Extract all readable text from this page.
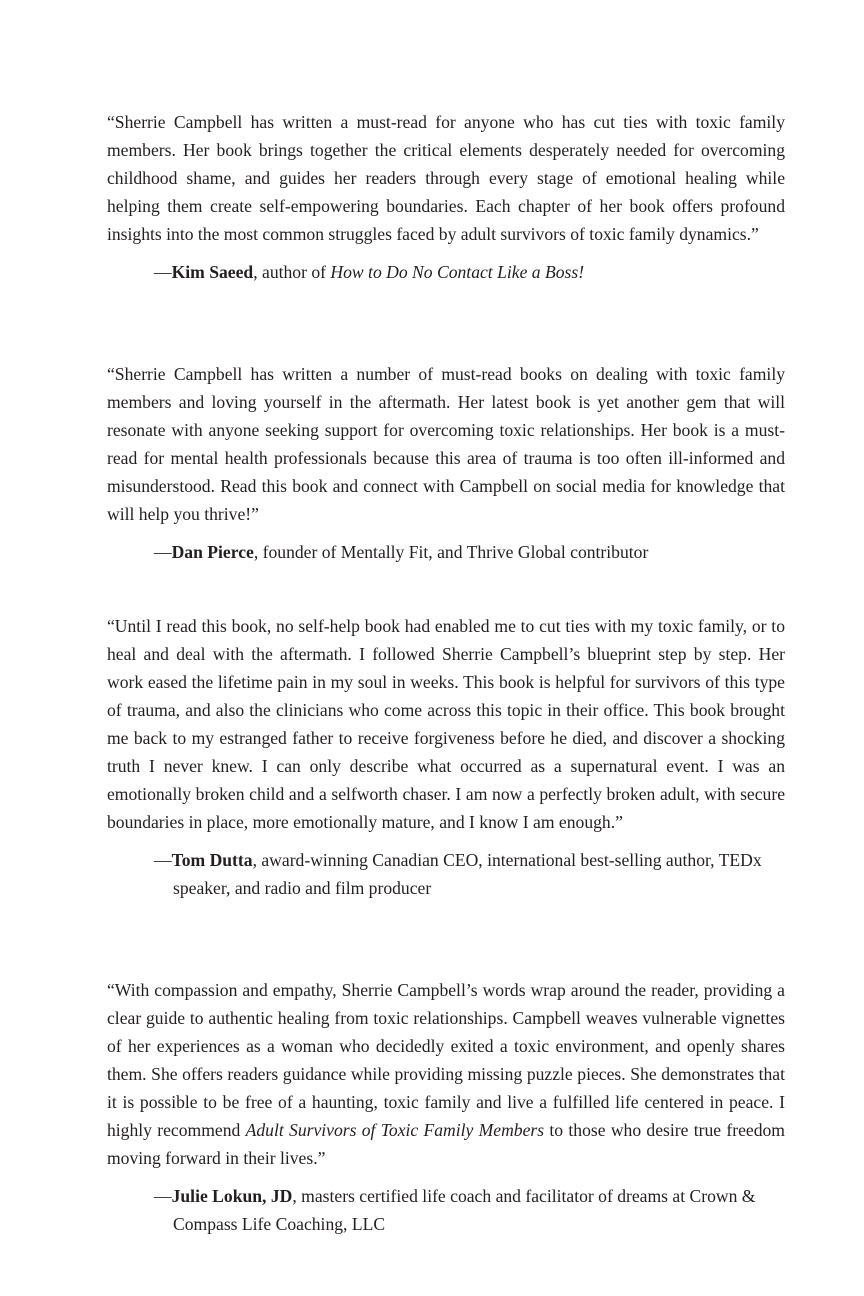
“Sherrie Campbell has written a must-read for anyone who has cut ties with toxic family members. Her book brings together the critical elements desperately needed for overcoming childhood shame, and guides her readers through every stage of emotional healing while helping them create self-empowering boundaries. Each chapter of her book offers profound insights into the most common struggles faced by adult survivors of toxic family dynamics.”

—Kim Saeed, author of How to Do No Contact Like a Boss!

“Sherrie Campbell has written a number of must-read books on dealing with toxic family members and loving yourself in the aftermath. Her latest book is yet another gem that will resonate with anyone seeking support for overcoming toxic relationships. Her book is a must-read for mental health professionals because this area of trauma is too often ill-informed and misunderstood. Read this book and connect with Campbell on social media for knowledge that will help you thrive!”

—Dan Pierce, founder of Mentally Fit, and Thrive Global contributor

“Until I read this book, no self-help book had enabled me to cut ties with my toxic family, or to heal and deal with the aftermath. I followed Sherrie Campbell’s blueprint step by step. Her work eased the lifetime pain in my soul in weeks. This book is helpful for survivors of this type of trauma, and also the clinicians who come across this topic in their office. This book brought me back to my estranged father to receive forgiveness before he died, and discover a shocking truth I never knew. I can only describe what occurred as a supernatural event. I was an emotionally broken child and a selfworth chaser. I am now a perfectly broken adult, with secure boundaries in place, more emotionally mature, and I know I am enough.”

—Tom Dutta, award-winning Canadian CEO, international best-selling author, TEDx speaker, and radio and film producer

“With compassion and empathy, Sherrie Campbell’s words wrap around the reader, providing a clear guide to authentic healing from toxic relationships. Campbell weaves vulnerable vignettes of her experiences as a woman who decidedly exited a toxic environment, and openly shares them. She offers readers guidance while providing missing puzzle pieces. She demonstrates that it is possible to be free of a haunting, toxic family and live a fulfilled life centered in peace. I highly recommend Adult Survivors of Toxic Family Members to those who desire true freedom moving forward in their lives.”

—Julie Lokun, JD, masters certified life coach and facilitator of dreams at Crown & Compass Life Coaching, LLC
